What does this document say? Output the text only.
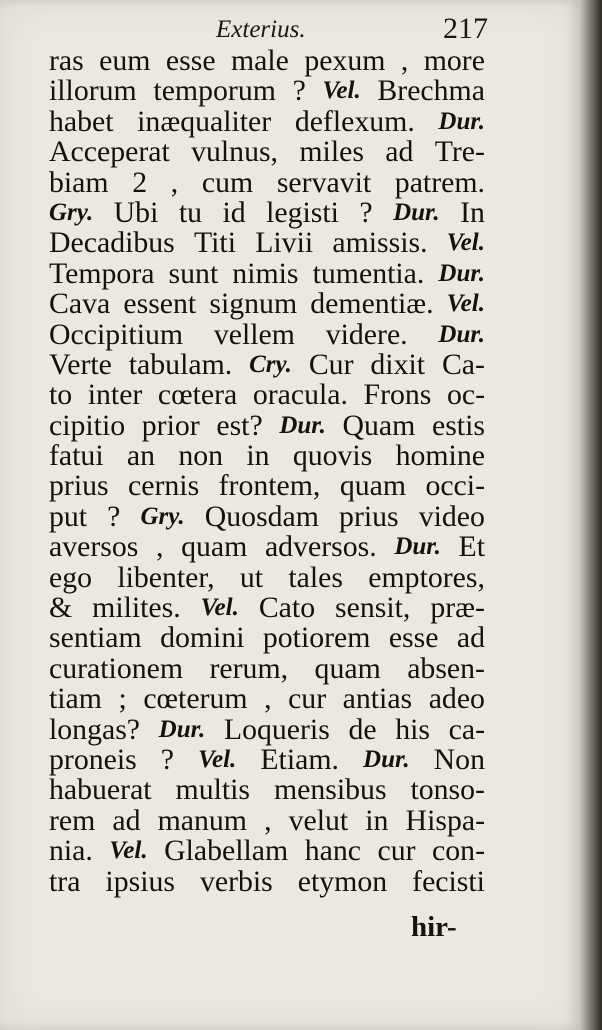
Exterius.	217
ras eum esse male pexum , more
illorum temporum ? Vel. Brechma
habet inæqualiter deflexum. Dur.
Acceperat vulnus, miles ad Tre-
biam 2 , cum servavit patrem.
Gry. Ubi tu id legisti ? Dur. In
Decadibus Titi Livii amissis. Vel.
Tempora sunt nimis tumentia. Dur.
Cava essent signum dementiæ. Vel.
Occipitium vellem videre. Dur.
Verte tabulam. Cry. Cur dixit Ca-
to inter cœtera oracula. Frons oc-
cipitio prior est? Dur. Quam estis
fatui an non in quovis homine
prius cernis frontem, quam occi-
put ? Gry. Quosdam prius video
aversos , quam adversos. Dur. Et
ego libenter, ut tales emptores,
& milites. Vel. Cato sensit, præ-
sentiam domini potiorem esse ad
curationem rerum, quam absen-
tiam ; cœterum , cur antias adeo
longas? Dur. Loqueris de his ca-
proneis ? Vel. Etiam. Dur. Non
habuerat multis mensibus tonso-
rem ad manum , velut in Hispa-
nia. Vel. Glabellam hanc cur con-
tra ipsius verbis etymon fecisti
hir-
